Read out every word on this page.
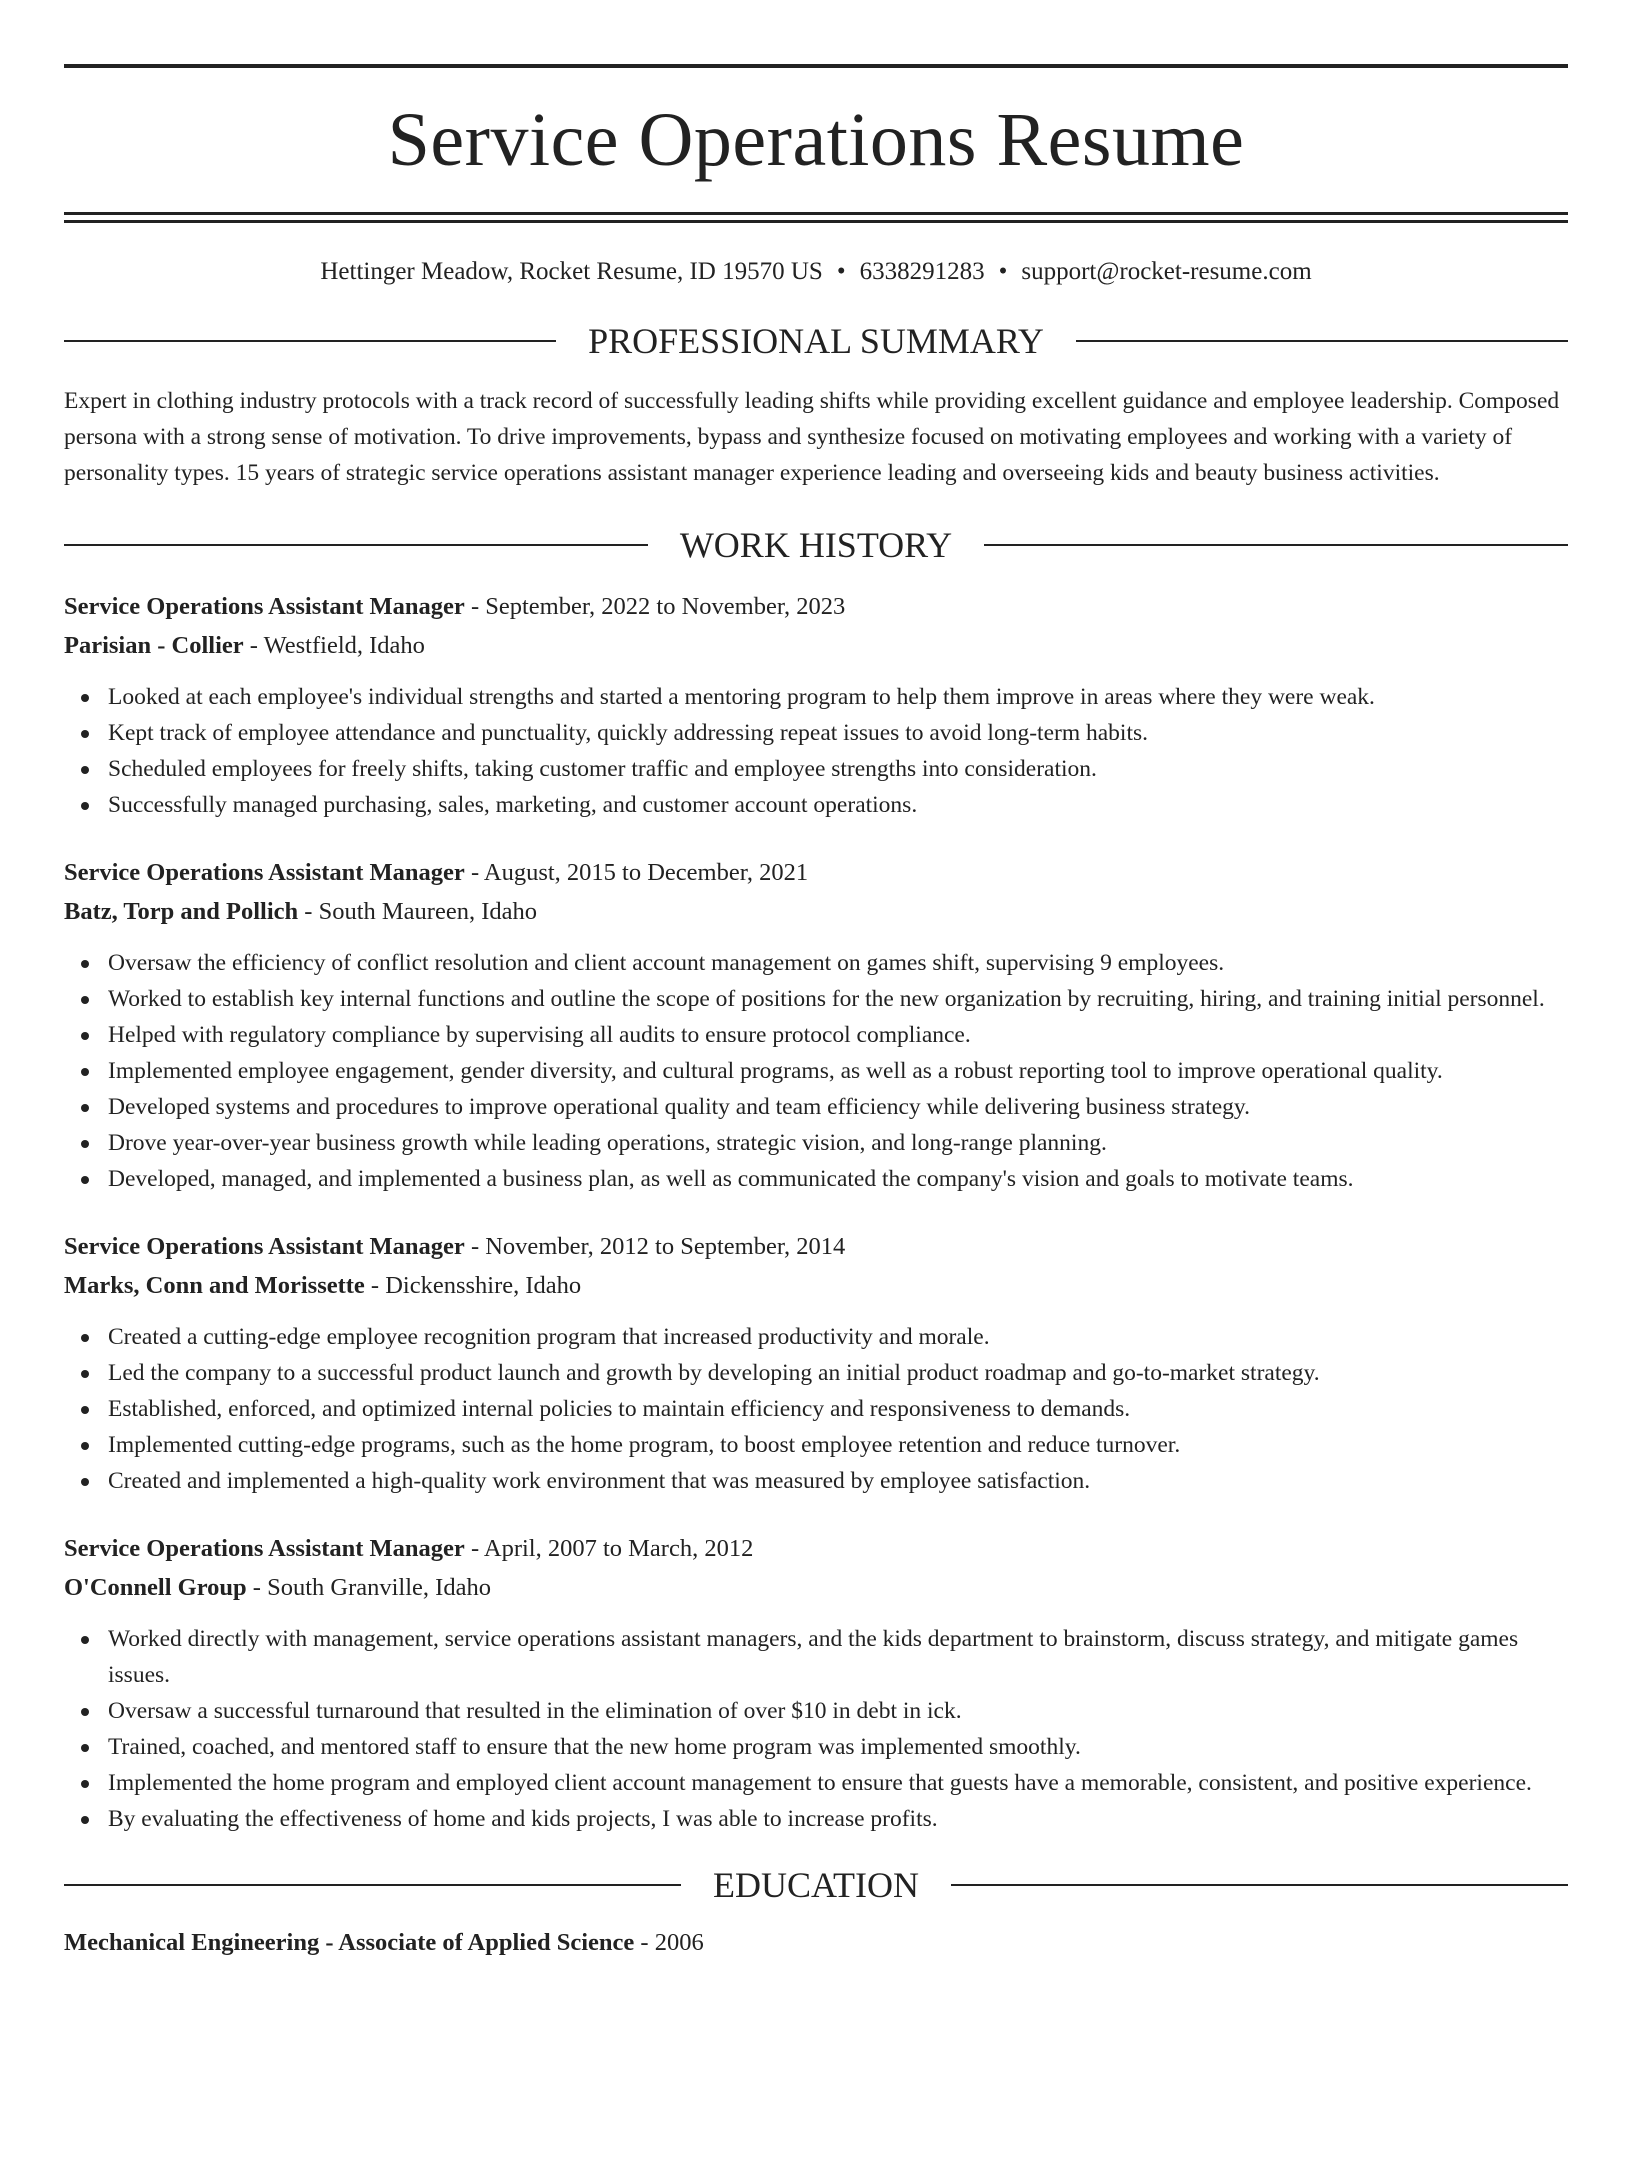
Service Operations Resume
Hettinger Meadow, Rocket Resume, ID 19570 US • 6338291283 • support@rocket-resume.com
PROFESSIONAL SUMMARY

Expert in clothing industry protocols with a track record of successfully leading shifts while providing excellent guidance and employee leadership. Composed persona with a strong sense of motivation. To drive improvements, bypass and synthesize focused on motivating employees and working with a variety of personality types. 15 years of strategic service operations assistant manager experience leading and overseeing kids and beauty business activities.

WORK HISTORY
Service Operations Assistant Manager - September, 2022 to November, 2023
Parisian - Collier - Westfield, Idaho
Looked at each employee's individual strengths and started a mentoring program to help them improve in areas where they were weak.
Kept track of employee attendance and punctuality, quickly addressing repeat issues to avoid long-term habits.
Scheduled employees for freely shifts, taking customer traffic and employee strengths into consideration.
Successfully managed purchasing, sales, marketing, and customer account operations.
Service Operations Assistant Manager - August, 2015 to December, 2021
Batz, Torp and Pollich - South Maureen, Idaho
Oversaw the efficiency of conflict resolution and client account management on games shift, supervising 9 employees.
Worked to establish key internal functions and outline the scope of positions for the new organization by recruiting, hiring, and training initial personnel.
Helped with regulatory compliance by supervising all audits to ensure protocol compliance.
Implemented employee engagement, gender diversity, and cultural programs, as well as a robust reporting tool to improve operational quality.
Developed systems and procedures to improve operational quality and team efficiency while delivering business strategy.
Drove year-over-year business growth while leading operations, strategic vision, and long-range planning.
Developed, managed, and implemented a business plan, as well as communicated the company's vision and goals to motivate teams.
Service Operations Assistant Manager - November, 2012 to September, 2014
Marks, Conn and Morissette - Dickensshire, Idaho
Created a cutting-edge employee recognition program that increased productivity and morale.
Led the company to a successful product launch and growth by developing an initial product roadmap and go-to-market strategy.
Established, enforced, and optimized internal policies to maintain efficiency and responsiveness to demands.
Implemented cutting-edge programs, such as the home program, to boost employee retention and reduce turnover.
Created and implemented a high-quality work environment that was measured by employee satisfaction.
Service Operations Assistant Manager - April, 2007 to March, 2012
O'Connell Group - South Granville, Idaho
Worked directly with management, service operations assistant managers, and the kids department to brainstorm, discuss strategy, and mitigate games issues.
Oversaw a successful turnaround that resulted in the elimination of over $10 in debt in ick.
Trained, coached, and mentored staff to ensure that the new home program was implemented smoothly.
Implemented the home program and employed client account management to ensure that guests have a memorable, consistent, and positive experience.
By evaluating the effectiveness of home and kids projects, I was able to increase profits.
EDUCATION
Mechanical Engineering - Associate of Applied Science - 2006
